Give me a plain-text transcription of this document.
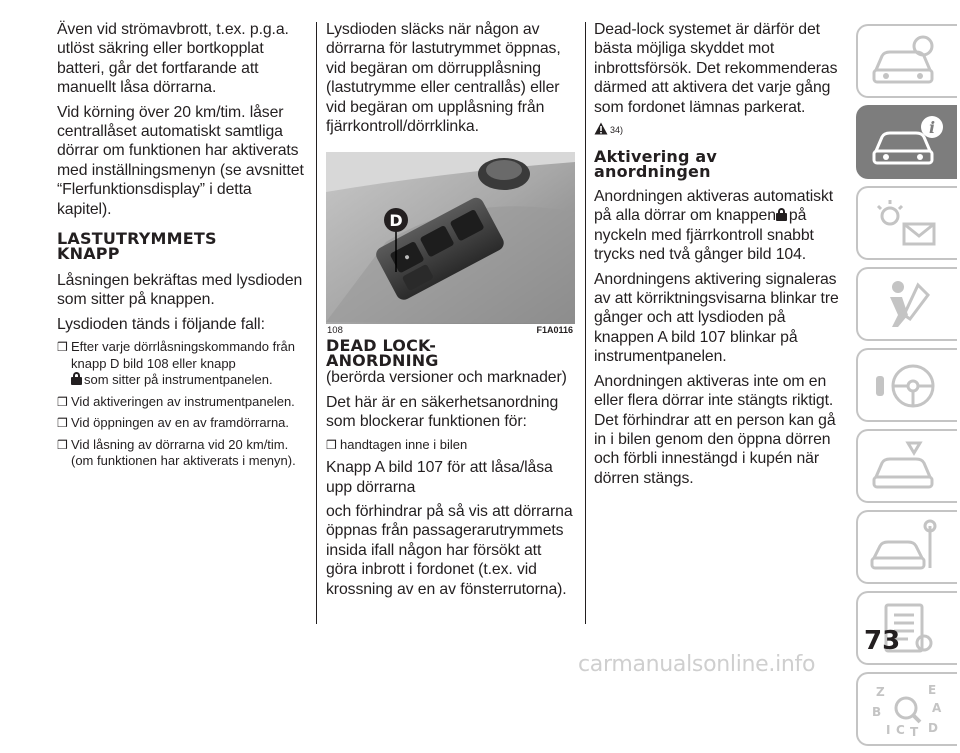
Även vid strömavbrott, t.ex. p.g.a. utlöst säkring eller bortkopplat batteri, går det fortfarande att manuellt låsa dörrarna.

Vid körning över 20 km/tim. låser centrallåset automatiskt samtliga dörrar om funktionen har aktiverats med inställningsmenyn (se avsnittet “Flerfunktionsdisplay” i detta kapitel).

LASTUTRYMMETS KNAPP

Låsningen bekräftas med lysdioden som sitter på knappen.

Lysdioden tänds i följande fall:

❒ Efter varje dörrlåsningskommando från knapp D bild 108 eller knapp

som sitter på instrumentpanelen.
❒ Vid aktiveringen av instrumentpanelen.
❒ Vid öppningen av en av framdörrarna.
❒ Vid låsning av dörrarna vid 20 km/tim. (om funktionen har aktiverats i menyn).

Lysdioden släcks när någon av dörrarna för lastutrymmet öppnas, vid begäran om dörrupplåsning (lastutrymme eller centrallås) eller vid begäran om upplåsning från fjärrkontroll/dörrklinka.

D
108	F1A0116
DEAD LOCK-ANORDNING

(berörda versioner och marknader)

Det här är en säkerhetsanordning som blockerar funktionen för:

❒ handtagen inne i bilen

Knapp A bild 107 för att låsa/låsa upp dörrarna

och förhindrar på så vis att dörrarna öppnas från passagerarutrymmets insida ifall någon har försökt att göra inbrott i fordonet (t.ex. vid krossning av en av fönsterrutorna).

Dead-lock systemet är därför det bästa möjliga skyddet mot inbrottsförsök. Det rekommenderas därmed att aktivera det varje gång som fordonet lämnas parkerat.

34)
Aktivering av anordningen

Anordningen aktiveras automatiskt på alla dörrar om knappen på nyckeln med fjärrkontroll snabbt trycks ned två gånger bild 104.

Anordningens aktivering signaleras av att körriktningsvisarna blinkar tre gånger och att lysdioden på knappen A bild 107 blinkar på instrumentpanelen.

Anordningen aktiveras inte om en eller flera dörrar inte stängts riktigt. Det förhindrar att en person kan gå in i bilen genom den öppna dörren och förbli innestängd i kupén när dörren stängs.

i
Z	E
B	A
I C T D
73
carmanualsonline.info
